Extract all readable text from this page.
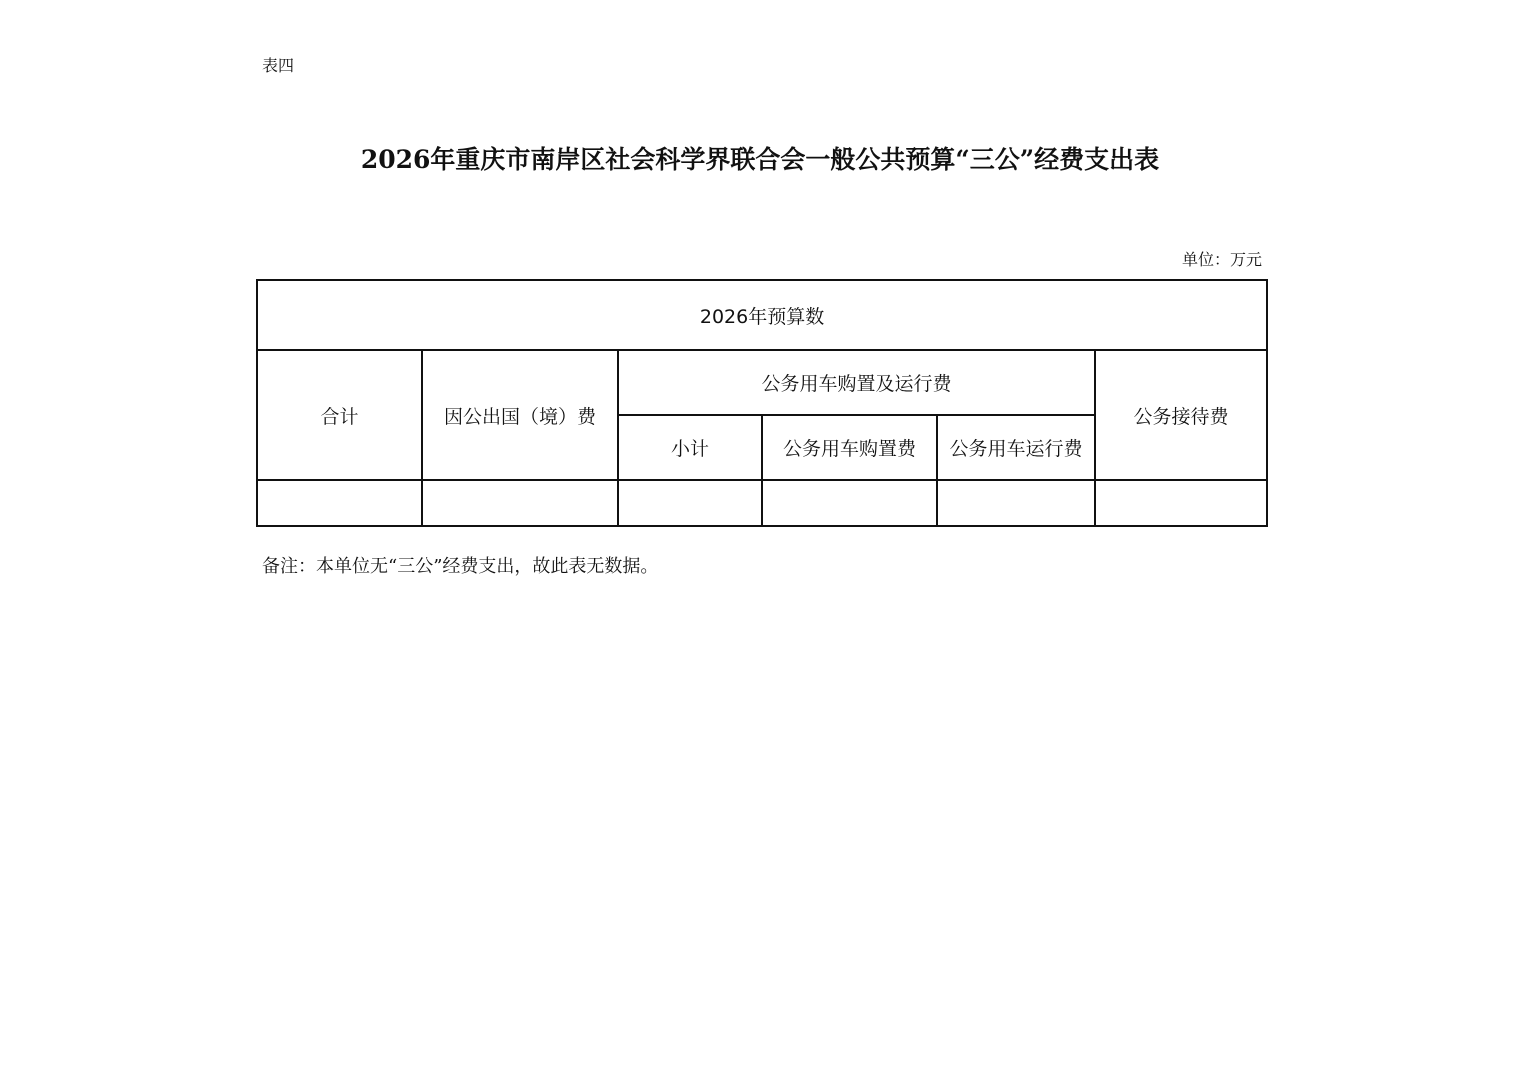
表四
2026年重庆市南岸区社会科学界联合会一般公共预算“三公”经费支出表
单位：万元
2026年预算数					
合计	因公出国（境）费	公务用车购置及运行费			公务接待费
		小计	公务用车购置费	公务用车运行费	

备注：本单位无“三公”经费支出，故此表无数据。
